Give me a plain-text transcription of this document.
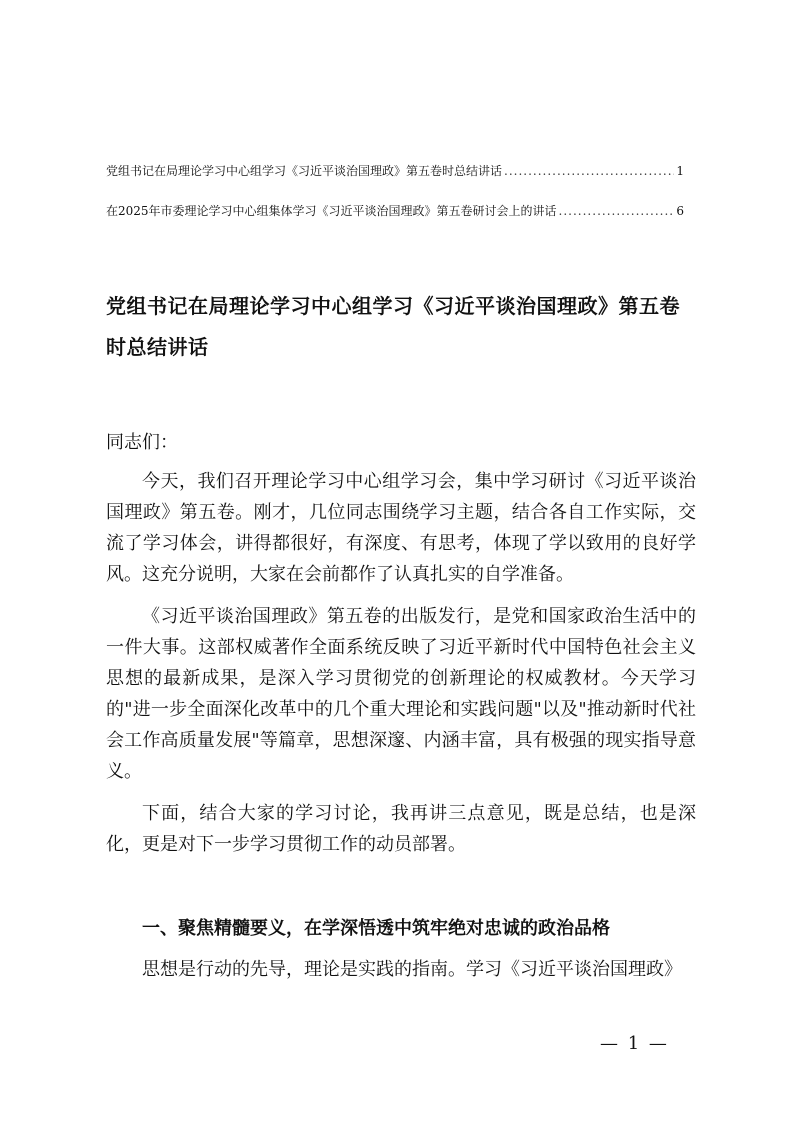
党组书记在局理论学习中心组学习《习近平谈治国理政》第五卷时总结讲话 .....	1
在2025年市委理论学习中心组集体学习《习近平谈治国理政》第五卷研讨会上的讲话 .....	6
党组书记在局理论学习中心组学习《习近平谈治国理政》第五卷
时总结讲话
同志们：

今天，我们召开理论学习中心组学习会，集中学习研讨《习近平谈治国理政》第五卷。刚才，几位同志围绕学习主题，结合各自工作实际，交流了学习体会，讲得都很好，有深度、有思考，体现了学以致用的良好学风。这充分说明，大家在会前都作了认真扎实的自学准备。

《习近平谈治国理政》第五卷的出版发行，是党和国家政治生活中的一件大事。这部权威著作全面系统反映了习近平新时代中国特色社会主义思想的最新成果，是深入学习贯彻党的创新理论的权威教材。今天学习的"进一步全面深化改革中的几个重大理论和实践问题"以及"推动新时代社会工作高质量发展"等篇章，思想深邃、内涵丰富，具有极强的现实指导意义。

下面，结合大家的学习讨论，我再讲三点意见，既是总结，也是深化，更是对下一步学习贯彻工作的动员部署。

一、聚焦精髓要义，在学深悟透中筑牢绝对忠诚的政治品格

思想是行动的先导，理论是实践的指南。学习《习近平谈治国理政》

— 1 —
